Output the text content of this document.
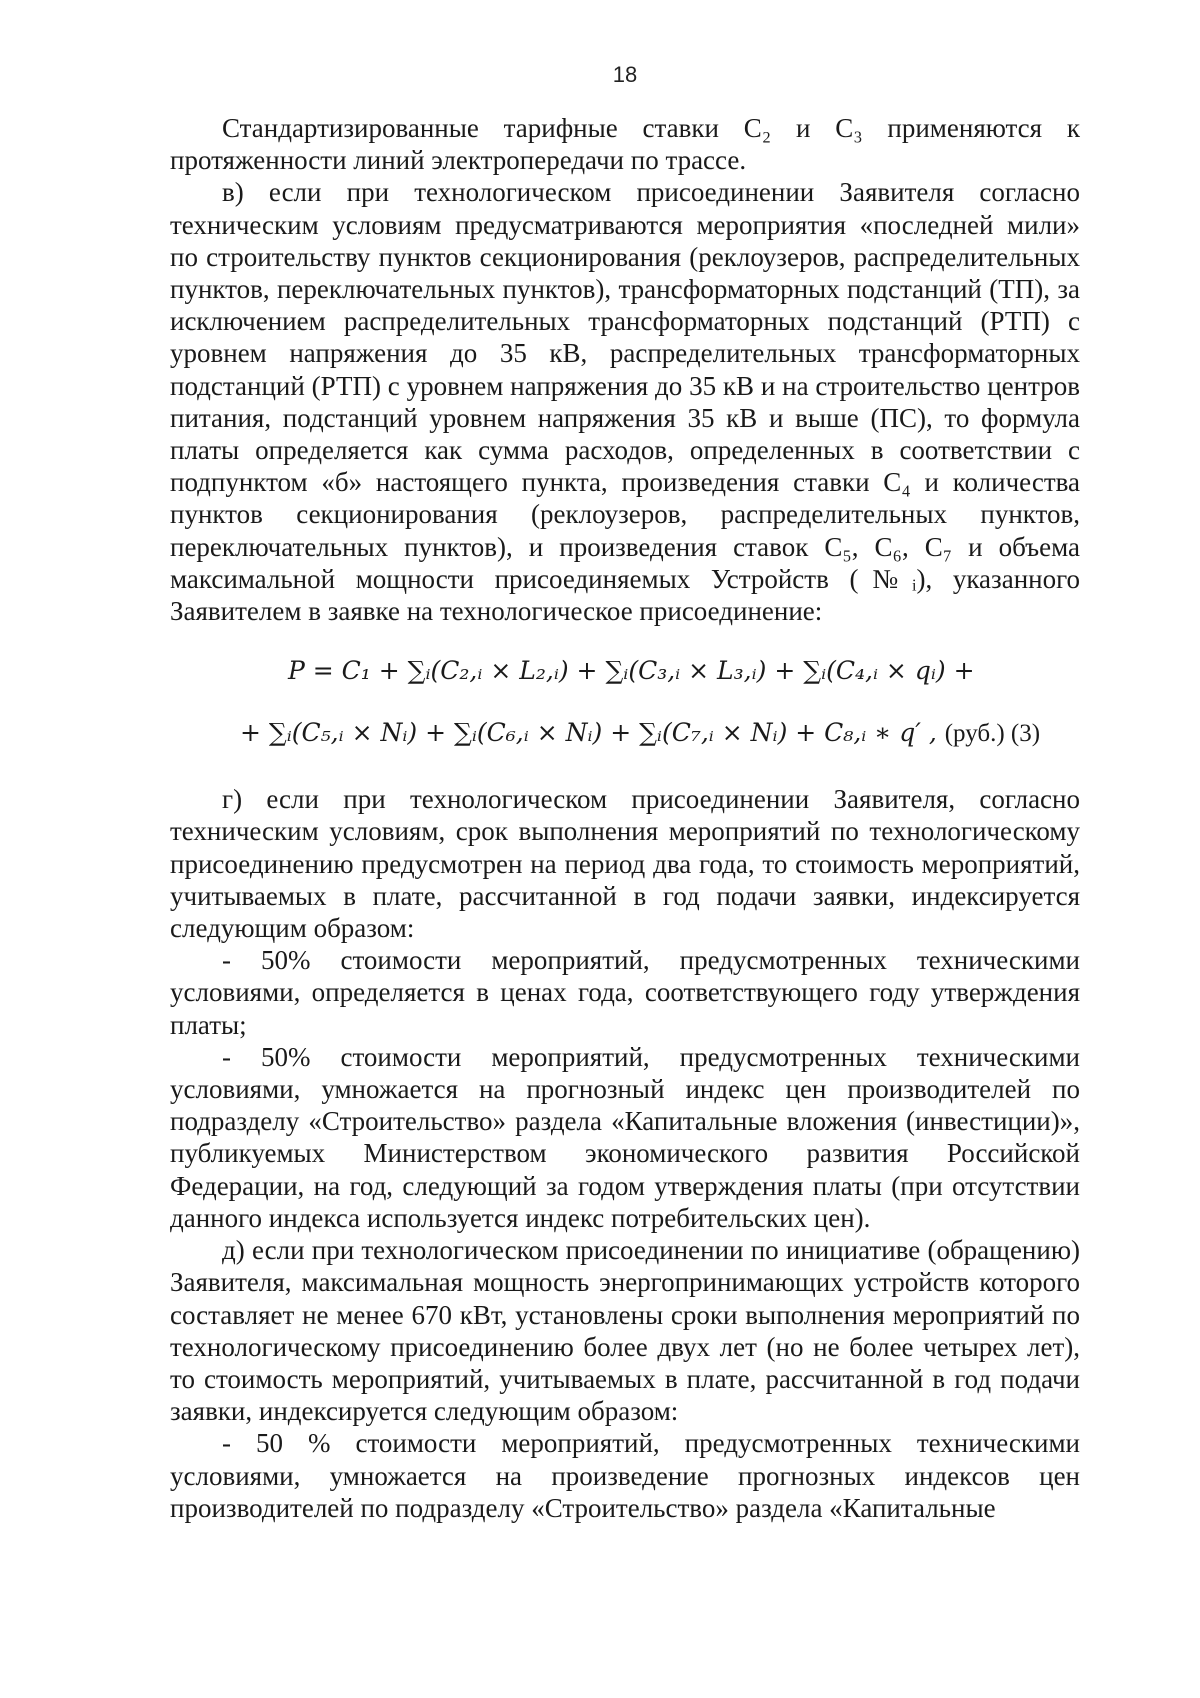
18

Стандартизированные тарифные ставки C₂ и C₃ применяются к протяженности линий электропередачи по трассе.

в) если при технологическом присоединении Заявителя согласно техническим условиям предусматриваются мероприятия «последней мили» по строительству пунктов секционирования (реклоузеров, распределительных пунктов, переключательных пунктов), трансформаторных подстанций (ТП), за исключением распределительных трансформаторных подстанций (РТП) с уровнем напряжения до 35 кВ, распределительных трансформаторных подстанций (РТП) с уровнем напряжения до 35 кВ и на строительство центров питания, подстанций уровнем напряжения 35 кВ и выше (ПС), то формула платы определяется как сумма расходов, определенных в соответствии с подпунктом «б» настоящего пункта, произведения ставки C₄ и количества пунктов секционирования (реклоузеров, распределительных пунктов, переключательных пунктов), и произведения ставок C₅, C₆, C₇ и объема максимальной мощности присоединяемых Устройств (№ᵢ), указанного Заявителем в заявке на технологическое присоединение:

P = C₁ + ∑ᵢ(C₂,ᵢ × L₂,ᵢ) + ∑ᵢ(C₃,ᵢ × L₃,ᵢ) + ∑ᵢ(C₄,ᵢ × qᵢ) +
+ ∑ᵢ(C₅,ᵢ × Nᵢ) + ∑ᵢ(C₆,ᵢ × Nᵢ) + ∑ᵢ(C₇,ᵢ × Nᵢ) + C₈,ᵢ ∗ q′ , (руб.) (3)

г) если при технологическом присоединении Заявителя, согласно техническим условиям, срок выполнения мероприятий по технологическому присоединению предусмотрен на период два года, то стоимость мероприятий, учитываемых в плате, рассчитанной в год подачи заявки, индексируется следующим образом:

- 50% стоимости мероприятий, предусмотренных техническими условиями, определяется в ценах года, соответствующего году утверждения платы;

- 50% стоимости мероприятий, предусмотренных техническими условиями, умножается на прогнозный индекс цен производителей по подразделу «Строительство» раздела «Капитальные вложения (инвестиции)», публикуемых Министерством экономического развития Российской Федерации, на год, следующий за годом утверждения платы (при отсутствии данного индекса используется индекс потребительских цен).

д) если при технологическом присоединении по инициативе (обращению) Заявителя, максимальная мощность энергопринимающих устройств которого составляет не менее 670 кВт, установлены сроки выполнения мероприятий по технологическому присоединению более двух лет (но не более четырех лет), то стоимость мероприятий, учитываемых в плате, рассчитанной в год подачи заявки, индексируется следующим образом:

- 50 % стоимости мероприятий, предусмотренных техническими условиями, умножается на произведение прогнозных индексов цен производителей по подразделу «Строительство» раздела «Капитальные
